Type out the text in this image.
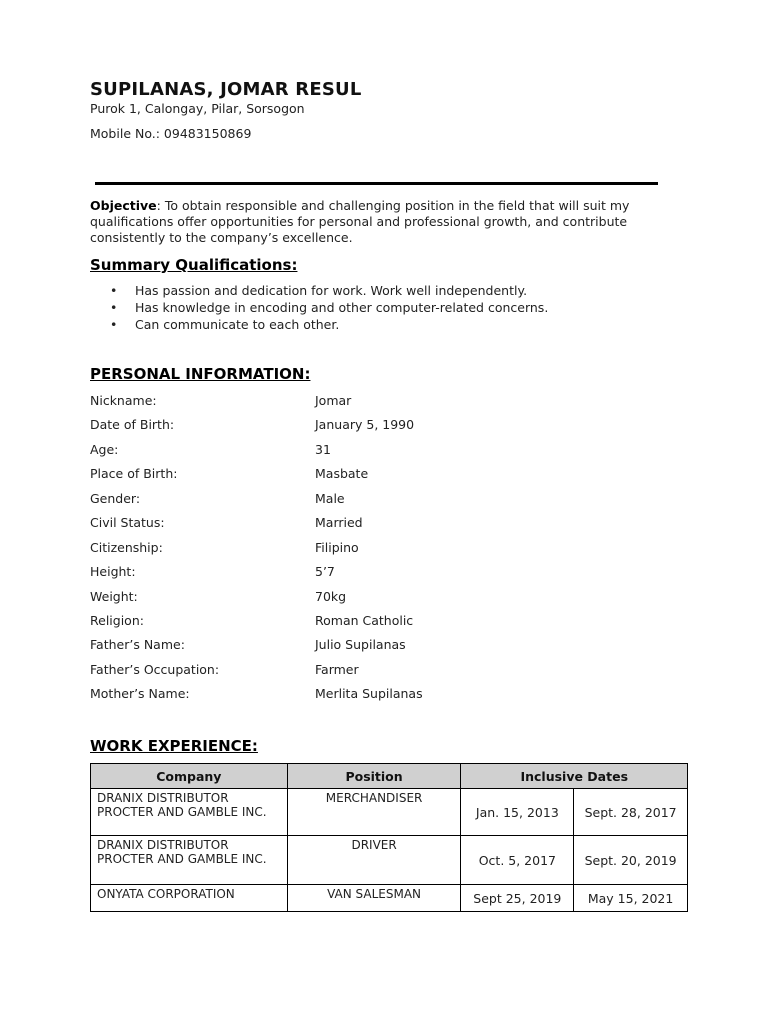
SUPILANAS, JOMAR RESUL
Purok 1, Calongay, Pilar, Sorsogon
Mobile No.: 09483150869

Objective: To obtain responsible and challenging position in the field that will suit my qualifications offer opportunities for personal and professional growth, and contribute consistently to the company’s excellence.

Summary Qualifications:
• Has passion and dedication for work. Work well independently.
• Has knowledge in encoding and other computer-related concerns.
• Can communicate to each other.
PERSONAL INFORMATION:
Nickname:	Jomar
Date of Birth:	January 5, 1990
Age:	31
Place of Birth:	Masbate
Gender:	Male
Civil Status:	Married
Citizenship:	Filipino
Height:	5’7
Weight:	70kg
Religion:	Roman Catholic
Father’s Name:	Julio Supilanas
Father’s Occupation:	Farmer
Mother’s Name:	Merlita Supilanas
WORK EXPERIENCE:
Company	Position	Inclusive Dates	

DRANIX DISTRIBUTOR
PROCTER AND GAMBLE INC.	MERCHANDISER	Jan. 15, 2013	Sept. 28, 2017

DRANIX DISTRIBUTOR
PROCTER AND GAMBLE INC.	DRIVER	Oct. 5, 2017	Sept. 20, 2019

ONYATA CORPORATION	VAN SALESMAN	Sept 25, 2019	May 15, 2021
